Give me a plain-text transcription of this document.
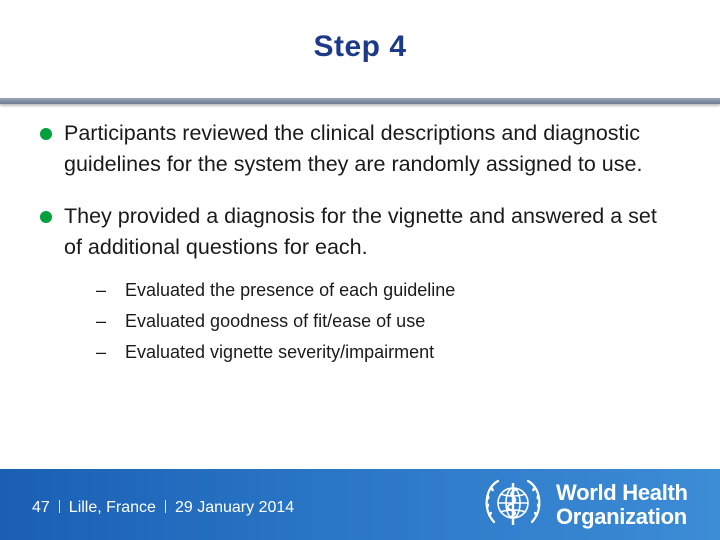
Step 4
Participants reviewed the clinical descriptions and diagnostic guidelines for the system they are randomly assigned to use.
They provided a diagnosis for the vignette and answered a set of additional questions for each.
– Evaluated the presence of each guideline
– Evaluated goodness of fit/ease of use
– Evaluated vignette severity/impairment
47 Lille, France 29 January 2014
World Health
Organization
